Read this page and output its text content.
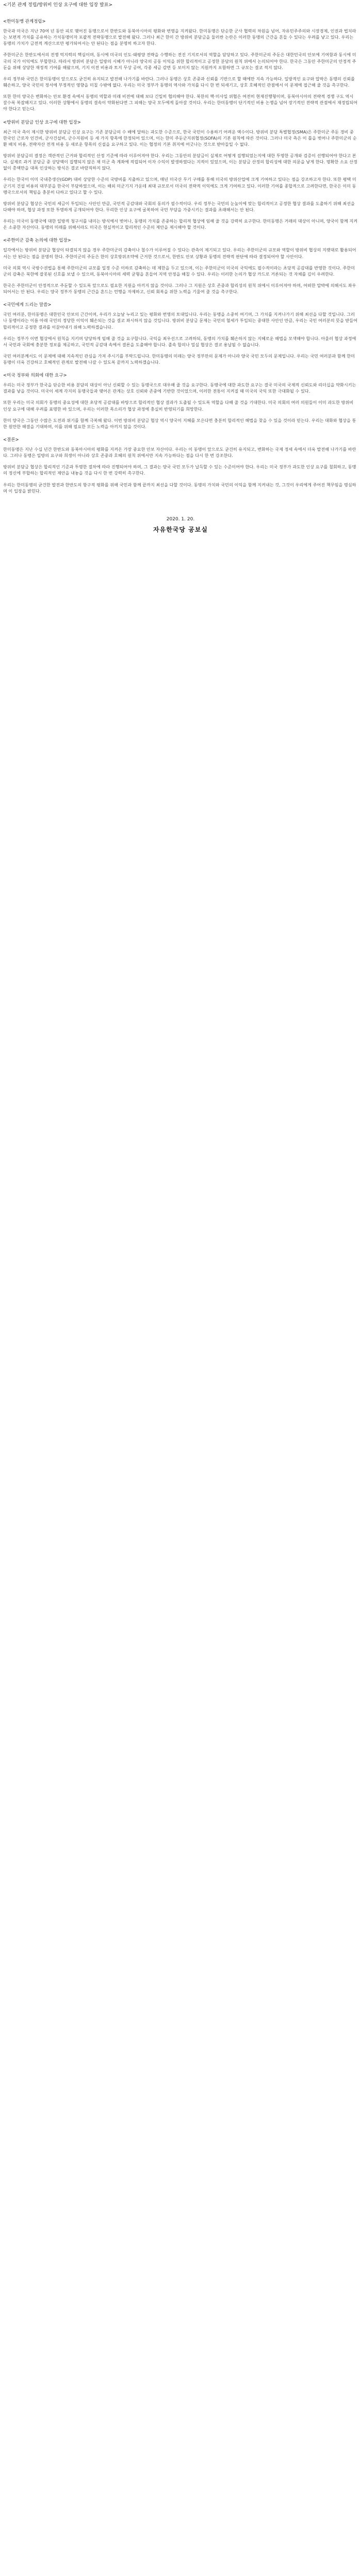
<기본 관계 정립/방위비 인상 요구에 대한 입장 발표>
<한미동맹 관계정립>

한국과 미국은 지난 70여 년 동안 피로 맺어진 동맹으로서 한반도와 동북아시아의 평화와 번영을 지켜왔다. 한미동맹은 단순한 군사 협력의 차원을 넘어, 자유민주주의와 시장경제, 인권과 법치라는 보편적 가치를 공유하는 가치동맹이자 포괄적 전략동맹으로 발전해 왔다. 그러나 최근 한미 간 방위비 분담금을 둘러싼 논란은 이러한 동맹의 근간을 흔들 수 있다는 우려를 낳고 있다. 우리는 동맹의 가치가 금전적 계산으로만 평가되어서는 안 된다는 점을 분명히 하고자 한다.

주한미군은 한반도에서의 전쟁 억지력의 핵심이며, 동시에 미국의 인도·태평양 전략을 수행하는 전진 기지로서의 역할을 담당하고 있다. 주한미군의 주둔은 대한민국의 안보에 기여함과 동시에 미국의 국가 이익에도 부합한다. 따라서 방위비 분담은 일방의 시혜가 아니라 양국의 공동 이익을 위한 합리적이고 공정한 분담의 원칙 위에서 논의되어야 한다. 한국은 그동안 주한미군의 안정적 주둔을 위해 상당한 재정적 기여를 해왔으며, 기지 이전 비용과 토지 무상 공여, 각종 세금 감면 등 보이지 않는 지원까지 포함하면 그 규모는 결코 적지 않다.

우리 정부와 국민은 한미동맹이 앞으로도 굳건히 유지되고 발전해 나가기를 바란다. 그러나 동맹은 상호 존중과 신뢰를 기반으로 할 때에만 지속 가능하다. 일방적인 요구와 압박은 동맹의 신뢰를 훼손하고, 양국 국민의 정서에 부정적인 영향을 미칠 수밖에 없다. 우리는 미국 정부가 동맹의 역사와 가치를 다시 한 번 되새기고, 상호 호혜적인 관점에서 이 문제에 접근해 줄 것을 촉구한다.

또한 한미 양국은 변화하는 안보 환경 속에서 동맹의 역할과 미래 비전에 대해 보다 긴밀히 협의해야 한다. 북한의 핵·미사일 위협은 여전히 현재진행형이며, 동북아시아의 전략적 경쟁 구도 역시 갈수록 복잡해지고 있다. 이러한 상황에서 동맹의 결속이 약화된다면 그 피해는 양국 모두에게 돌아갈 것이다. 우리는 한미동맹이 단기적인 비용 논쟁을 넘어 장기적인 전략적 관점에서 재정립되어야 한다고 믿는다.

<방위비 분담금 인상 요구에 대한 입장>

최근 미국 측이 제시한 방위비 분담금 인상 요구는 기존 분담금의 수 배에 달하는 과도한 수준으로, 한국 국민이 수용하기 어려운 액수이다. 방위비 분담 특별협정(SMA)은 주한미군 주둔 경비 중 한국인 근로자 인건비, 군사건설비, 군수지원비 등 세 가지 항목에 한정되어 있으며, 이는 한미 주둔군지위협정(SOFA)의 기본 원칙에 따른 것이다. 그러나 미국 측은 이 틀을 벗어나 주한미군의 순환 배치 비용, 전략자산 전개 비용 등 새로운 항목의 신설을 요구하고 있다. 이는 협정의 기본 취지에 어긋나는 것으로 받아들일 수 없다.

방위비 분담금의 결정은 객관적인 근거와 합리적인 산정 기준에 따라 이루어져야 한다. 우리는 그동안의 분담금이 실제로 어떻게 집행되었는지에 대한 투명한 공개와 검증이 선행되어야 한다고 본다. 실제로 과거 분담금 중 상당액이 집행되지 않은 채 미군 측 계좌에 적립되어 이자 수익이 발생하였다는 지적이 있었으며, 이는 분담금 산정의 합리성에 대한 의문을 낳게 한다. 명확한 소요 산정 없이 총액만을 대폭 인상하는 방식은 결코 바람직하지 않다.

우리는 한국이 이미 국내총생산(GDP) 대비 상당한 수준의 국방비를 지출하고 있으며, 매년 미국산 무기 구매를 통해 미국의 방위산업에 크게 기여하고 있다는 점을 강조하고자 한다. 또한 평택 미군기지 건설 비용의 대부분을 한국이 부담하였으며, 이는 해외 미군기지 가운데 최대 규모로서 미국의 전략적 이익에도 크게 기여하고 있다. 이러한 기여를 종합적으로 고려한다면, 한국은 이미 동맹국으로서의 책임을 충분히 다하고 있다고 할 수 있다.

방위비 분담금 협상은 국민의 세금이 투입되는 사안인 만큼, 국민적 공감대와 국회의 동의가 필수적이다. 우리 정부는 국민의 눈높이에 맞는 합리적이고 공정한 협상 결과를 도출하기 위해 최선을 다해야 하며, 협상 과정 또한 투명하게 공개되어야 한다. 무리한 인상 요구에 굴복하여 국민 부담을 가중시키는 결과를 초래해서는 안 된다.

우리는 미국이 동맹국에 대한 일방적 청구서를 내미는 방식에서 벗어나, 동맹의 가치를 존중하는 합리적 협상에 임해 줄 것을 강력히 요구한다. 한미동맹은 거래의 대상이 아니며, 양국이 함께 지켜온 소중한 자산이다. 동맹의 미래를 위해서라도 미국은 현실적이고 합리적인 수준의 제안을 제시해야 할 것이다.

<주한미군 감축 논의에 대한 입장>

일각에서는 방위비 분담금 협상이 타결되지 않을 경우 주한미군의 감축이나 철수가 이루어질 수 있다는 관측이 제기되고 있다. 우리는 주한미군의 규모와 역할이 방위비 협상의 지렛대로 활용되어서는 안 된다는 점을 분명히 한다. 주한미군의 주둔은 한미 상호방위조약에 근거한 것으로서, 한반도 안보 상황과 동맹의 전략적 판단에 따라 결정되어야 할 사안이다.

미국 의회 역시 국방수권법을 통해 주한미군의 규모를 일정 수준 이하로 감축하는 데 제한을 두고 있으며, 이는 주한미군이 미국의 국익에도 필수적이라는 초당적 공감대를 반영한 것이다. 주한미군의 감축은 북한에 잘못된 신호를 보낼 수 있으며, 동북아시아의 세력 균형을 흔들어 지역 안정을 해칠 수 있다. 우리는 이러한 논의가 협상 카드로 거론되는 것 자체를 깊이 우려한다.

한국은 주한미군이 안정적으로 주둔할 수 있도록 앞으로도 필요한 지원을 아끼지 않을 것이다. 그러나 그 지원은 상호 존중과 합리성의 원칙 위에서 이루어져야 하며, 어떠한 압박에 의해서도 좌우되어서는 안 된다. 우리는 양국 정부가 동맹의 근간을 흔드는 언행을 자제하고, 신뢰 회복을 위한 노력을 기울여 줄 것을 촉구한다.

<국민에게 드리는 말씀>

국민 여러분, 한미동맹은 대한민국 안보의 근간이며, 우리가 오늘날 누리고 있는 평화와 번영의 토대입니다. 우리는 동맹을 소중히 여기며, 그 가치를 지켜나가기 위해 최선을 다할 것입니다. 그러나 동맹이라는 이름 아래 국민의 정당한 이익이 훼손되는 것을 결코 좌시하지 않을 것입니다. 방위비 분담금 문제는 국민의 혈세가 투입되는 중대한 사안인 만큼, 우리는 국민 여러분의 뜻을 받들어 합리적이고 공정한 결과를 이끌어내기 위해 노력하겠습니다.

우리는 정부가 이번 협상에서 원칙을 지키며 당당하게 임해 줄 것을 요구합니다. 국익을 최우선으로 고려하되, 동맹의 가치를 훼손하지 않는 지혜로운 해법을 모색해야 합니다. 아울러 협상 과정에서 국민과 국회에 충분한 정보를 제공하고, 국민적 공감대 속에서 결론을 도출해야 합니다. 졸속 합의나 밀실 협상은 결코 용납될 수 없습니다.

국민 여러분께서도 이 문제에 대해 지속적인 관심을 가져 주시기를 부탁드립니다. 한미동맹의 미래는 양국 정부만의 문제가 아니라 양국 국민 모두의 문제입니다. 우리는 국민 여러분과 함께 한미동맹이 더욱 건강하고 호혜적인 관계로 발전해 나갈 수 있도록 끝까지 노력하겠습니다.

<미국 정부와 의회에 대한 요구>

우리는 미국 정부가 한국을 단순한 비용 분담의 대상이 아닌 신뢰할 수 있는 동맹국으로 대우해 줄 것을 요구한다. 동맹국에 대한 과도한 요구는 결국 미국의 국제적 신뢰도와 리더십을 약화시키는 결과를 낳을 것이다. 미국이 세계 각지의 동맹국들과 맺어온 관계는 상호 신뢰와 존중에 기반한 것이었으며, 이러한 전통이 지켜질 때 미국의 국익 또한 극대화될 수 있다.

또한 우리는 미국 의회가 동맹의 중요성에 대한 초당적 공감대를 바탕으로 합리적인 협상 결과가 도출될 수 있도록 역할을 다해 줄 것을 기대한다. 미국 의회의 여러 의원들이 이미 과도한 방위비 인상 요구에 대해 우려를 표명한 바 있으며, 우리는 이러한 목소리가 협상 과정에 충실히 반영되기를 희망한다.

한미 양국은 그동안 수많은 도전과 위기를 함께 극복해 왔다. 이번 방위비 분담금 협상 역시 양국이 지혜를 모은다면 충분히 합리적인 해법을 찾을 수 있을 것이라 믿는다. 우리는 대화와 협상을 통한 원만한 해결을 기대하며, 이를 위해 필요한 모든 노력을 아끼지 않을 것이다.

<결론>

한미동맹은 지난 수십 년간 한반도와 동북아시아의 평화를 지켜온 가장 중요한 안보 자산이다. 우리는 이 동맹이 앞으로도 굳건히 유지되고, 변화하는 국제 정세 속에서 더욱 발전해 나가기를 바란다. 그러나 동맹은 일방의 요구와 희생이 아니라 상호 존중과 호혜의 원칙 위에서만 지속 가능하다는 점을 다시 한 번 강조한다.

방위비 분담금 협상은 합리적인 기준과 투명한 절차에 따라 진행되어야 하며, 그 결과는 양국 국민 모두가 납득할 수 있는 수준이어야 한다. 우리는 미국 정부가 과도한 인상 요구를 철회하고, 동맹의 정신에 부합하는 합리적인 제안을 내놓을 것을 다시 한 번 강력히 촉구한다.

우리는 한미동맹의 굳건한 발전과 한반도의 항구적 평화를 위해 국민과 함께 끝까지 최선을 다할 것이다. 동맹의 가치와 국민의 이익을 함께 지켜내는 것, 그것이 우리에게 주어진 책무임을 명심하며 이 입장을 밝힌다.

2020. 1. 20.
자유한국당 공보실
